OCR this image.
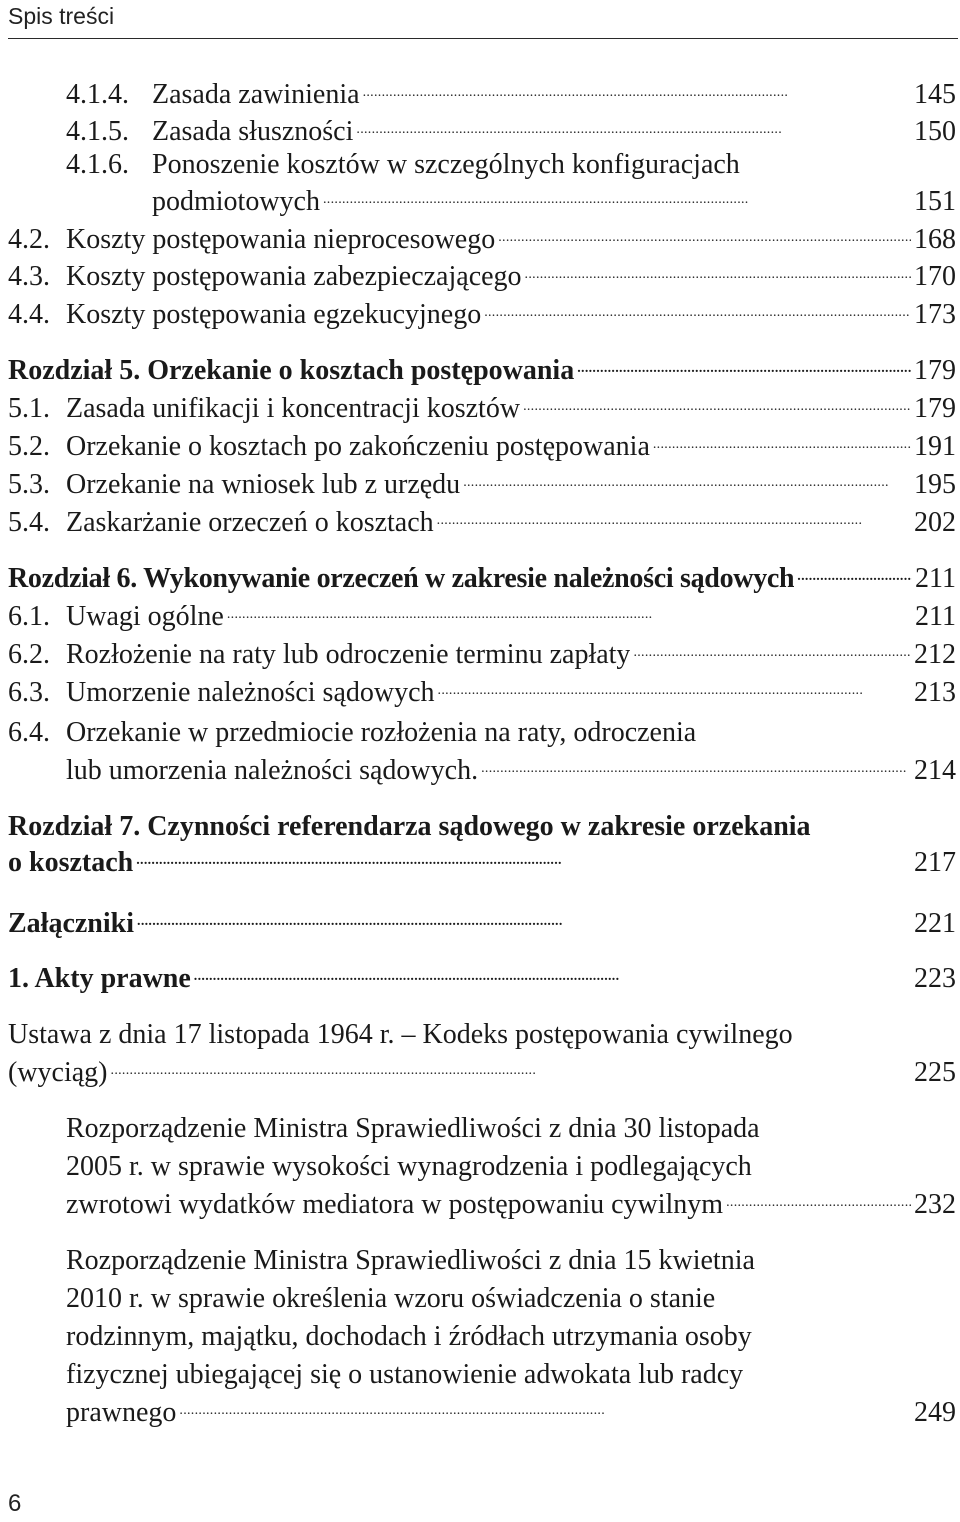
Spis treści
4.1.4. Zasada zawinienia . . .	145
4.1.5. Zasada słuszności . . .	150
4.1.6. Ponoszenie kosztów w szczególnych konfiguracjach
podmiotowych . . .	151
4.2. Koszty postępowania nieprocesowego . . .	168
4.3. Koszty postępowania zabezpieczającego . . .	170
4.4. Koszty postępowania egzekucyjnego . . .	173
Rozdział 5. Orzekanie o kosztach postępowania . . .	179
5.1. Zasada unifikacji i koncentracji kosztów . . .	179
5.2. Orzekanie o kosztach po zakończeniu postępowania . . .	191
5.3. Orzekanie na wniosek lub z urzędu . . .	195
5.4. Zaskarżanie orzeczeń o kosztach . . .	202
Rozdział 6. Wykonywanie orzeczeń w zakresie należności sądowych . . .	211
6.1. Uwagi ogólne . . .	211
6.2. Rozłożenie na raty lub odroczenie terminu zapłaty . . .	212
6.3. Umorzenie należności sądowych . . .	213
6.4. Orzekanie w przedmiocie rozłożenia na raty, odroczenia
lub umorzenia należności sądowych. . . .	214
Rozdział 7. Czynności referendarza sądowego w zakresie orzekania
o kosztach . . .	217
Załączniki . . .	221
1. Akty prawne . . .	223
Ustawa z dnia 17 listopada 1964 r. – Kodeks postępowania cywilnego
(wyciąg) . . .	225
Rozporządzenie Ministra Sprawiedliwości z dnia 30 listopada
2005 r. w sprawie wysokości wynagrodzenia i podlegających
zwrotowi wydatków mediatora w postępowaniu cywilnym . . .	232
Rozporządzenie Ministra Sprawiedliwości z dnia 15 kwietnia
2010 r. w sprawie określenia wzoru oświadczenia o stanie
rodzinnym, majątku, dochodach i źródłach utrzymania osoby
fizycznej ubiegającej się o ustanowienie adwokata lub radcy
prawnego . . .	249
6
